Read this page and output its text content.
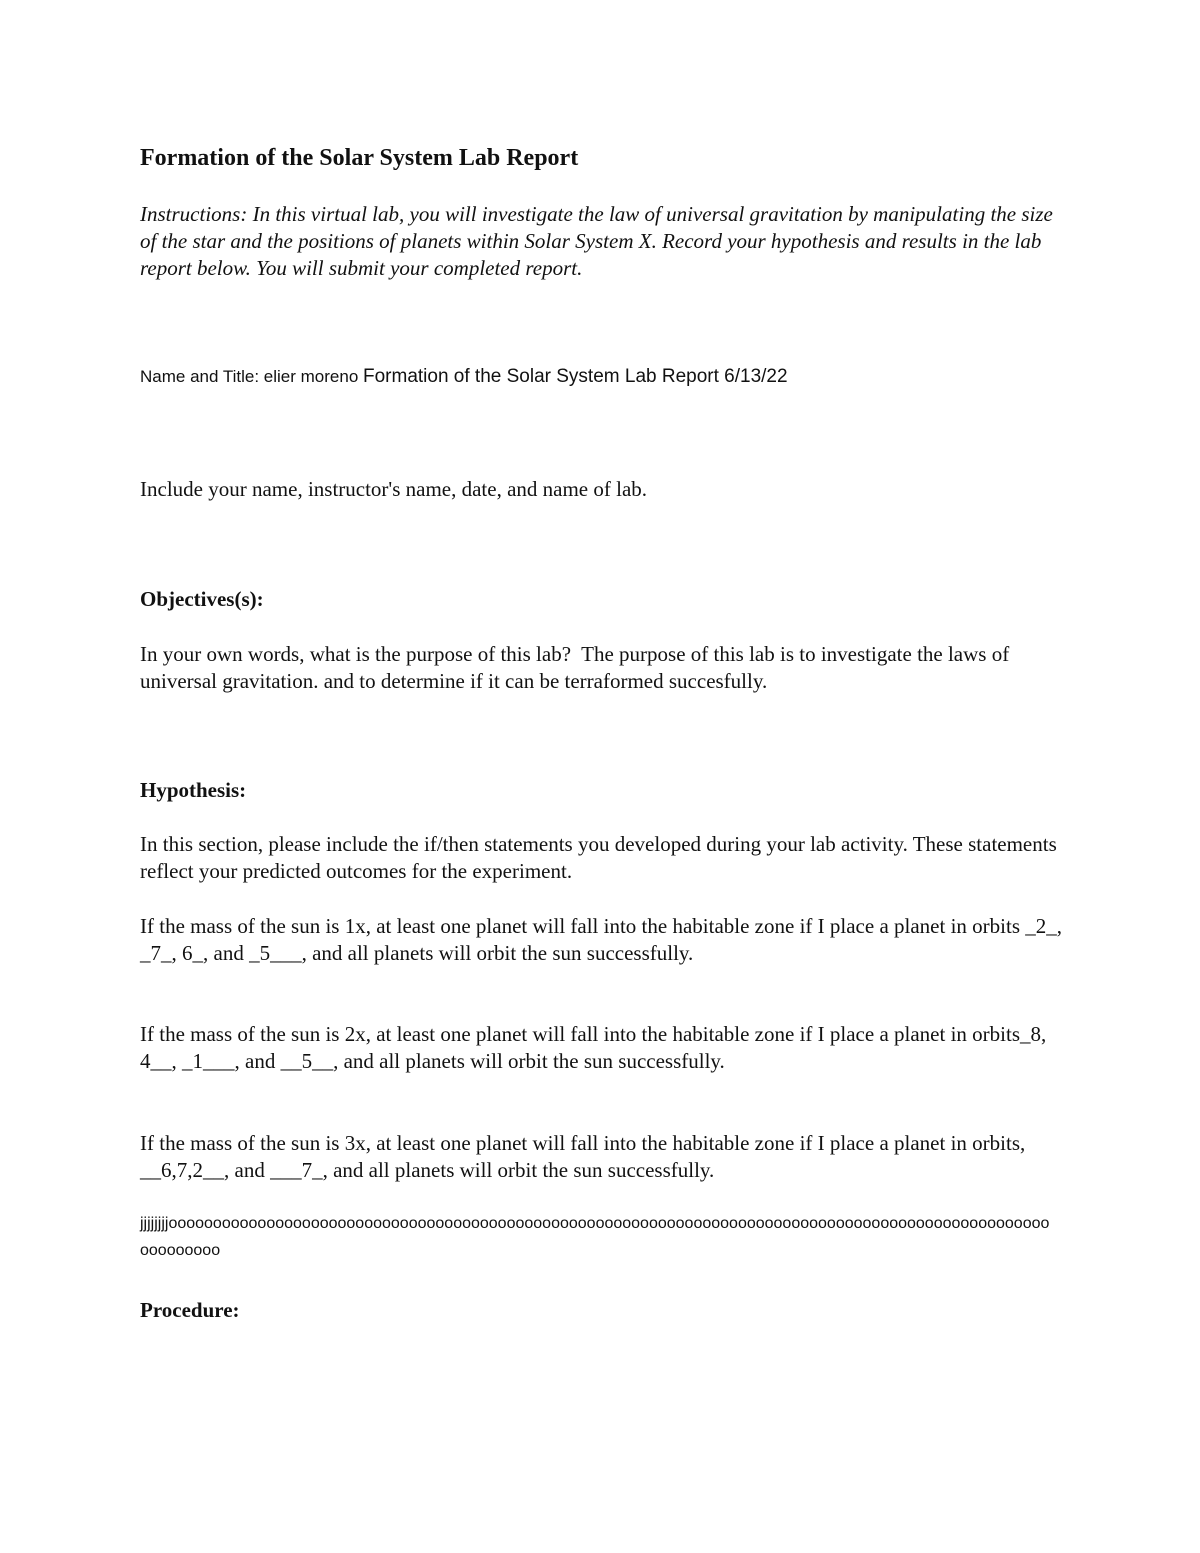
Formation of the Solar System Lab Report

Instructions: In this virtual lab, you will investigate the law of universal gravitation by manipulating the size of the star and the positions of planets within Solar System X. Record your hypothesis and results in the lab report below. You will submit your completed report.

Name and Title: elier moreno Formation of the Solar System Lab Report 6/13/22

Include your name, instructor's name, date, and name of lab.

Objectives(s):

In your own words, what is the purpose of this lab?  The purpose of this lab is to investigate the laws of universal gravitation. and to determine if it can be terraformed succesfully.

Hypothesis:

In this section, please include the if/then statements you developed during your lab activity. These statements reflect your predicted outcomes for the experiment.

If the mass of the sun is 1x, at least one planet will fall into the habitable zone if I place a planet in orbits _2_, _7_, 6_, and _5___, and all planets will orbit the sun successfully.

If the mass of the sun is 2x, at least one planet will fall into the habitable zone if I place a planet in orbits_8, 4__, _1___, and __5__, and all planets will orbit the sun successfully.

If the mass of the sun is 3x, at least one planet will fall into the habitable zone if I place a planet in orbits, __6,7,2__, and ___7_, and all planets will orbit the sun successfully.

jjjjjjjjoooooooooooooooooooooooooooooooooooooooooooooooooooooooooooooooooooooooooooooooooooooooooooooooooooooooooooo

Procedure:
